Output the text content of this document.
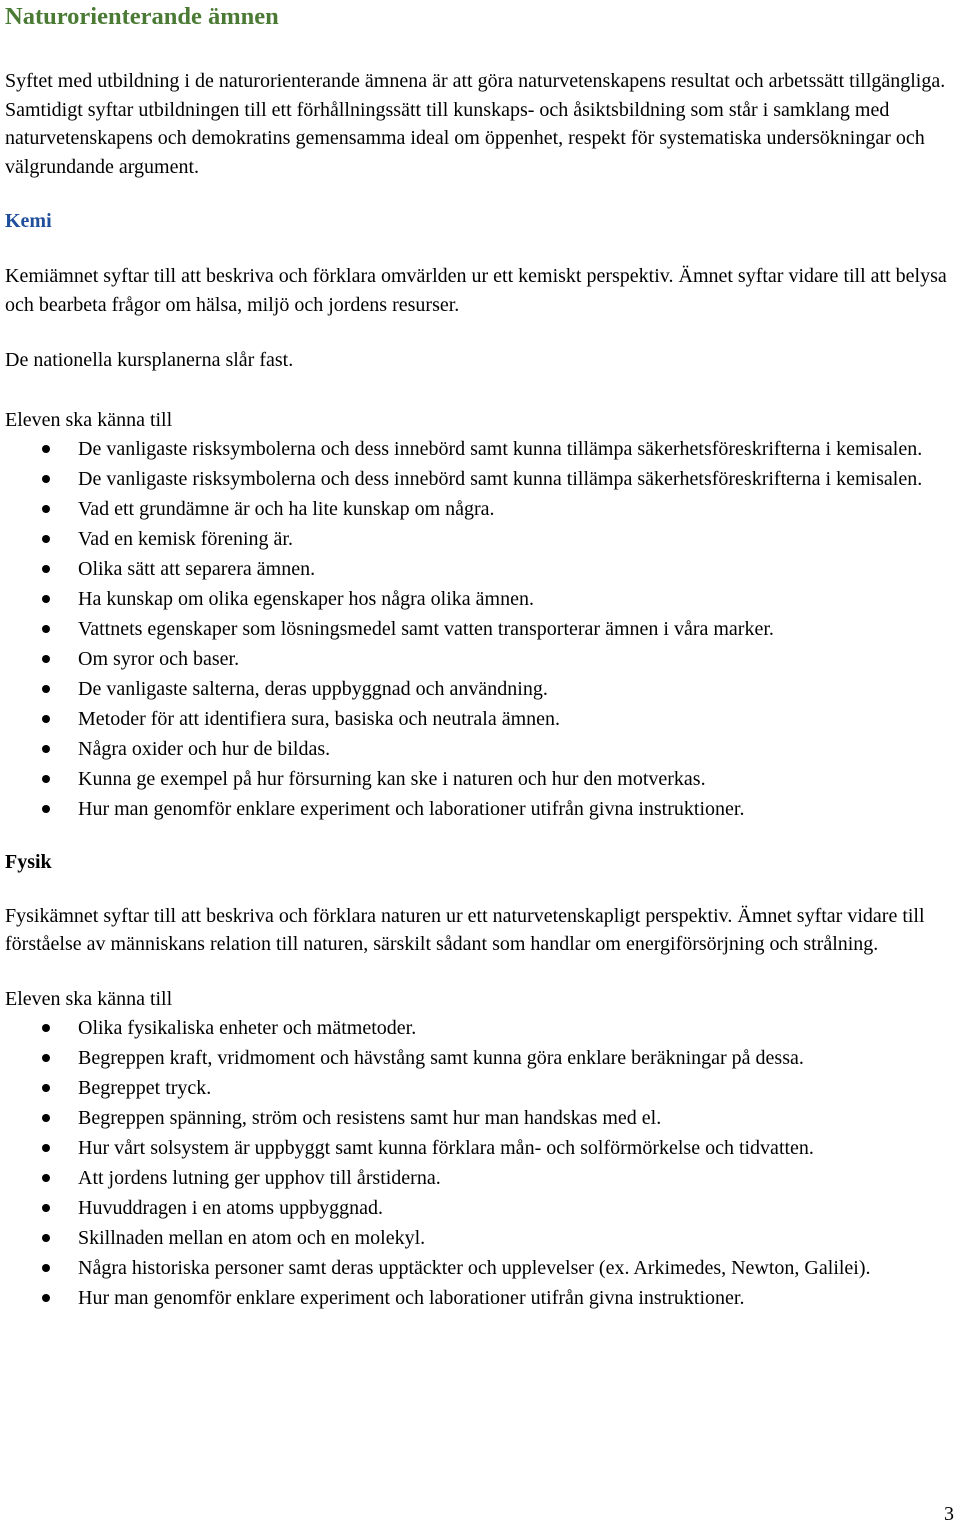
Naturorienterande ämnen

Syftet med utbildning i de naturorienterande ämnena är att göra naturvetenskapens resultat och arbetssätt tillgängliga. Samtidigt syftar utbildningen till ett förhållningssätt till kunskaps- och åsiktsbildning som står i samklang med naturvetenskapens och demokratins gemensamma ideal om öppenhet, respekt för systematiska undersökningar och välgrundande argument.

Kemi

Kemiämnet syftar till att beskriva och förklara omvärlden ur ett kemiskt perspektiv. Ämnet syftar vidare till att belysa och bearbeta frågor om hälsa, miljö och jordens resurser.

De nationella kursplanerna slår fast.

Eleven ska känna till

De vanligaste risksymbolerna och dess innebörd samt kunna tillämpa säkerhetsföreskrifterna i kemisalen.
De vanligaste risksymbolerna och dess innebörd samt kunna tillämpa säkerhetsföreskrifterna i kemisalen.
Vad ett grundämne är och ha lite kunskap om några.
Vad en kemisk förening är.
Olika sätt att separera ämnen.
Ha kunskap om olika egenskaper hos några olika ämnen.
Vattnets egenskaper som lösningsmedel samt vatten transporterar ämnen i våra marker.
Om syror och baser.
De vanligaste salterna, deras uppbyggnad och användning.
Metoder för att identifiera sura, basiska och neutrala ämnen.
Några oxider och hur de bildas.
Kunna ge exempel på hur försurning kan ske i naturen och hur den motverkas.
Hur man genomför enklare experiment och laborationer utifrån givna instruktioner.
Fysik

Fysikämnet syftar till att beskriva och förklara naturen ur ett naturvetenskapligt perspektiv. Ämnet syftar vidare till förståelse av människans relation till naturen, särskilt sådant som handlar om energiförsörjning och strålning.

Eleven ska känna till

Olika fysikaliska enheter och mätmetoder.
Begreppen kraft, vridmoment och hävstång samt kunna göra enklare beräkningar på dessa.
Begreppet tryck.
Begreppen spänning, ström och resistens samt hur man handskas med el.
Hur vårt solsystem är uppbyggt samt kunna förklara mån- och solförmörkelse och tidvatten.
Att jordens lutning ger upphov till årstiderna.
Huvuddragen i en atoms uppbyggnad.
Skillnaden mellan en atom och en molekyl.
Några historiska personer samt deras upptäckter och upplevelser (ex. Arkimedes, Newton, Galilei).
Hur man genomför enklare experiment och laborationer utifrån givna instruktioner.
3
